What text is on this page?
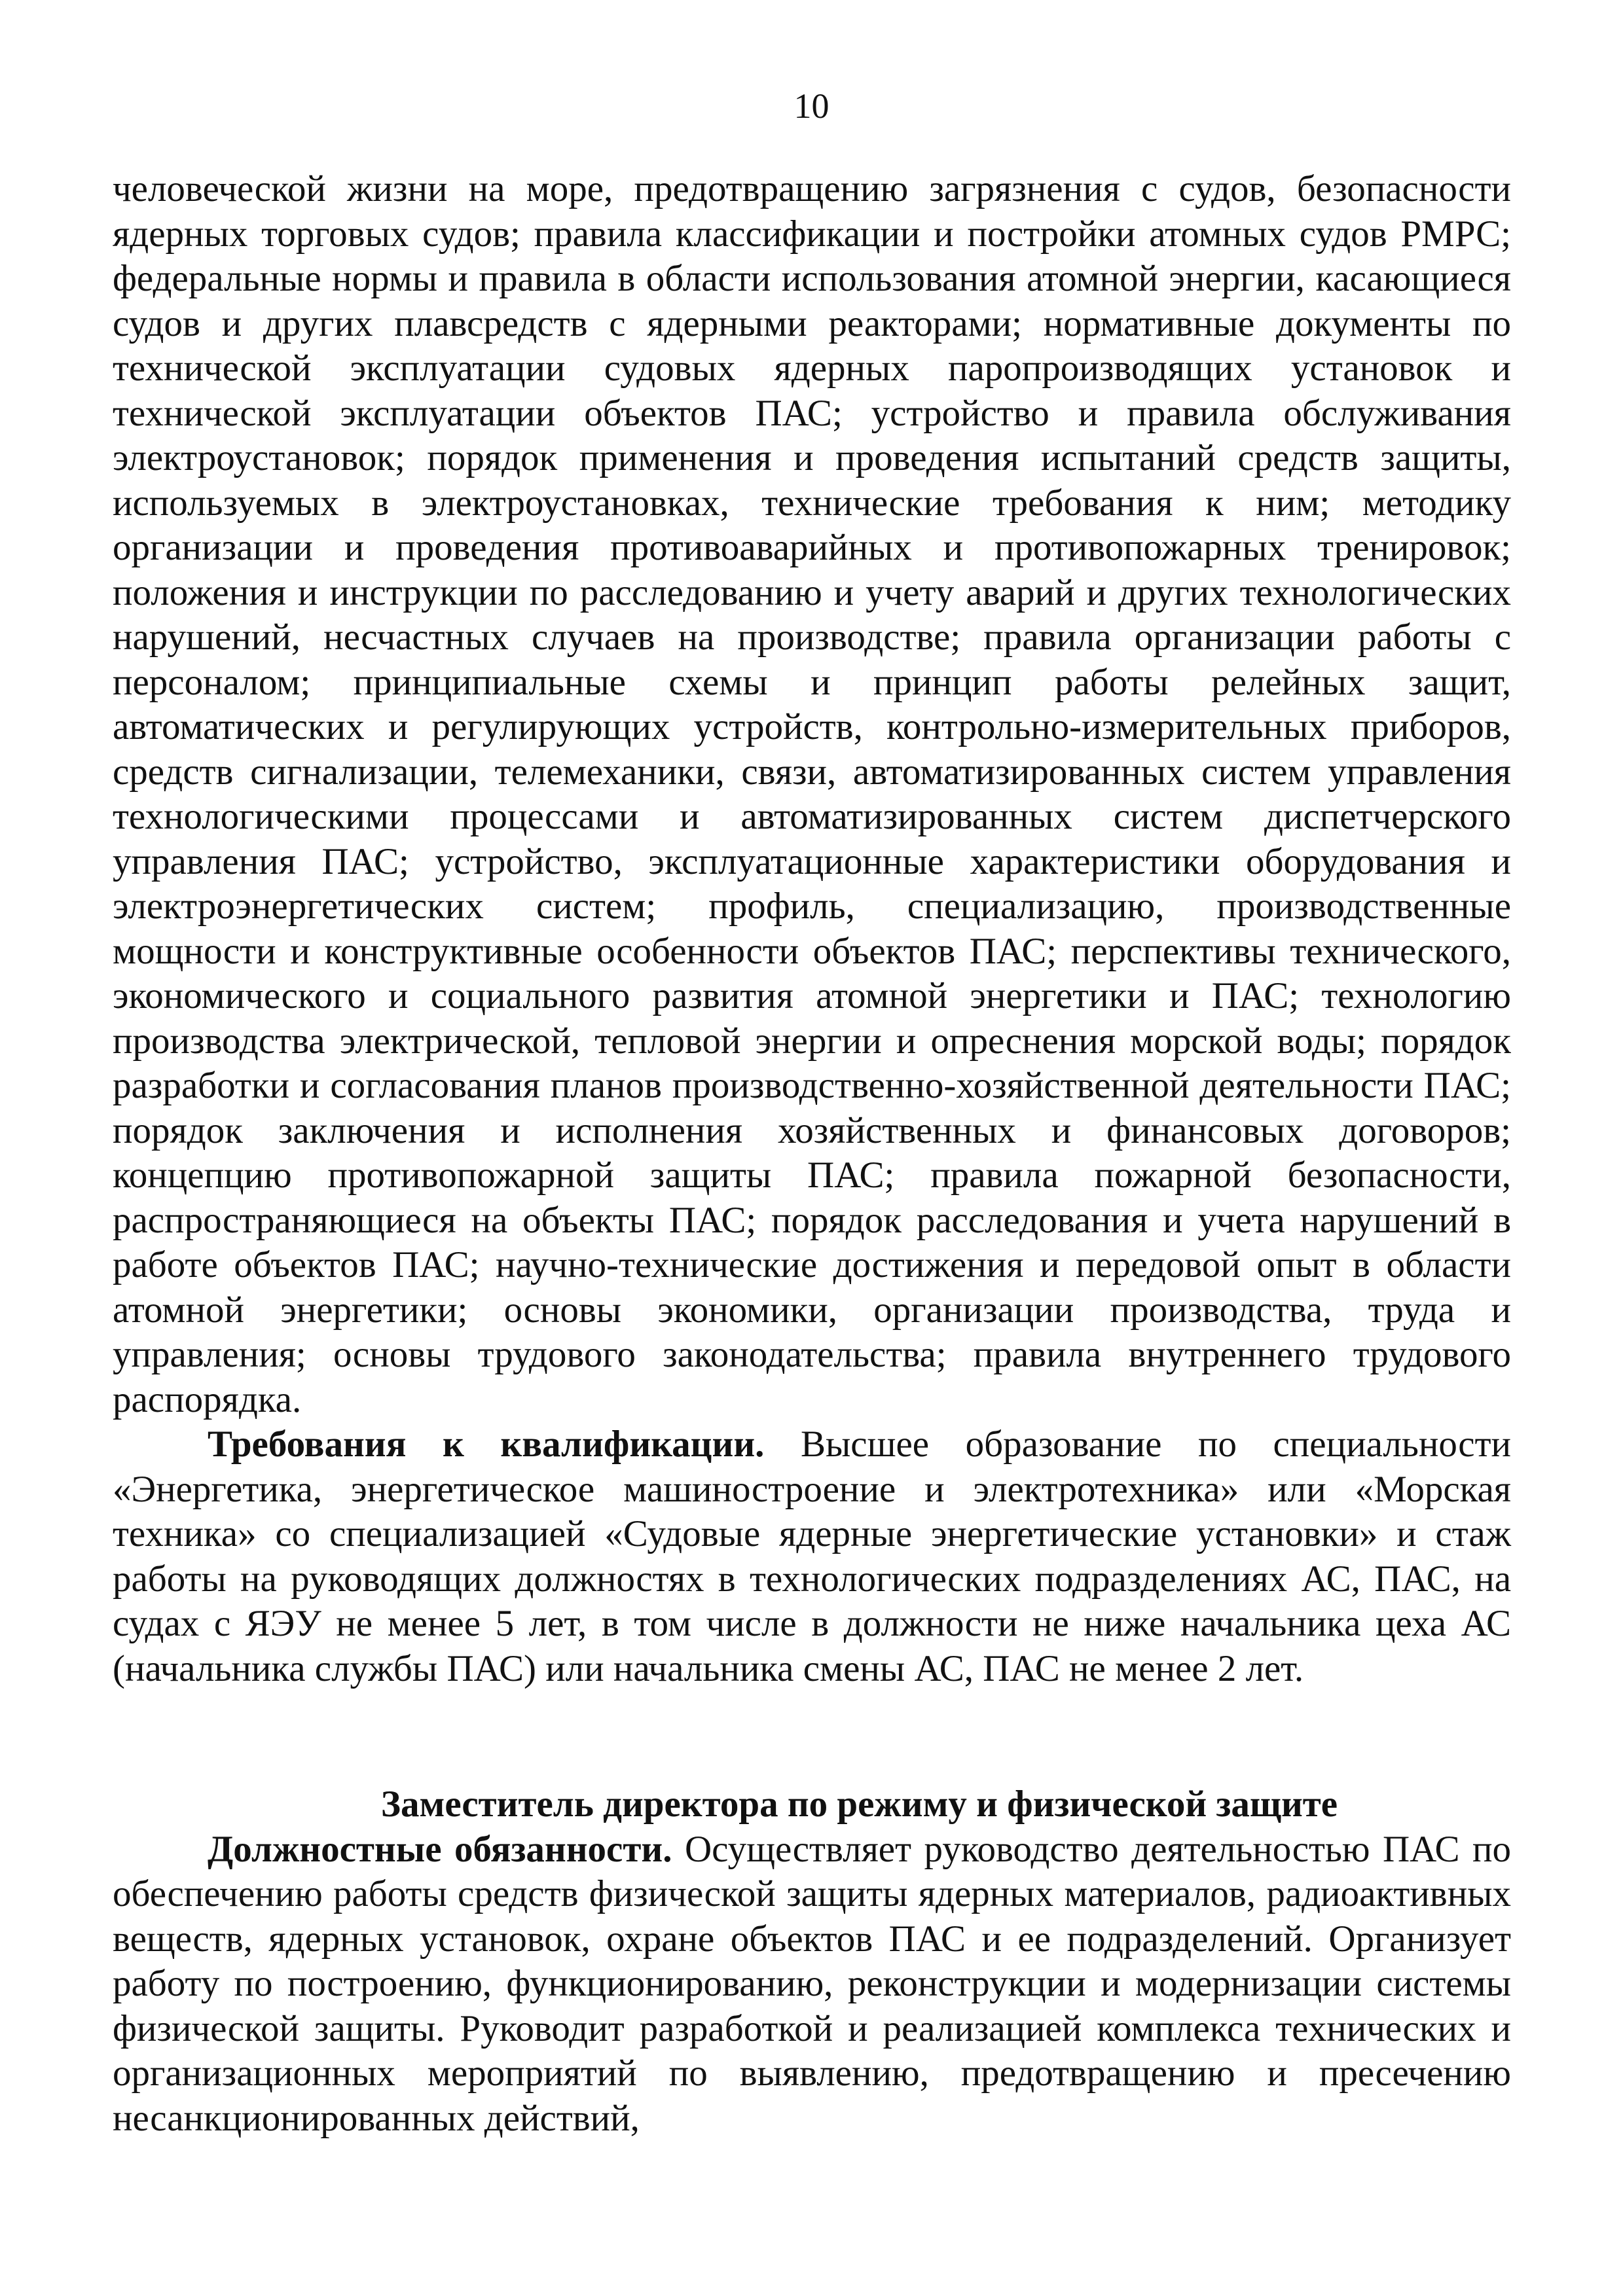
10

человеческой жизни на море, предотвращению загрязнения с судов, безопасности ядерных торговых судов; правила классификации и постройки атомных судов РМРС; федеральные нормы и правила в области использования атомной энергии, касающиеся судов и других плавсредств с ядерными реакторами; нормативные документы по технической эксплуатации судовых ядерных паропроизводящих установок и технической эксплуатации объектов ПАС; устройство и правила обслуживания электроустановок; порядок применения и проведения испытаний средств защиты, используемых в электроустановках, технические требования к ним; методику организации и проведения противоаварийных и противопожарных тренировок; положения и инструкции по расследованию и учету аварий и других технологических нарушений, несчастных случаев на производстве; правила организации работы с персоналом; принципиальные схемы и принцип работы релейных защит, автоматических и регулирующих устройств, контрольно-измерительных приборов, средств сигнализации, телемеханики, связи, автоматизированных систем управления технологическими процессами и автоматизированных систем диспетчерского управления ПАС; устройство, эксплуатационные характеристики оборудования и электроэнергетических систем; профиль, специализацию, производственные мощности и конструктивные особенности объектов ПАС; перспективы технического, экономического и социального развития атомной энергетики и ПАС; технологию производства электрической, тепловой энергии и опреснения морской воды; порядок разработки и согласования планов производственно-хозяйственной деятельности ПАС; порядок заключения и исполнения хозяйственных и финансовых договоров; концепцию противопожарной защиты ПАС; правила пожарной безопасности, распространяющиеся на объекты ПАС; порядок расследования и учета нарушений в работе объектов ПАС; научно-технические достижения и передовой опыт в области атомной энергетики; основы экономики, организации производства, труда и управления; основы трудового законодательства; правила внутреннего трудового распорядка.

Требования к квалификации. Высшее образование по специальности «Энергетика, энергетическое машиностроение и электротехника» или «Морская техника» со специализацией «Судовые ядерные энергетические установки» и стаж работы на руководящих должностях в технологических подразделениях АС, ПАС, на судах с ЯЭУ не менее 5 лет, в том числе в должности не ниже начальника цеха АС (начальника службы ПАС) или начальника смены АС, ПАС не менее 2 лет.

Заместитель директора по режиму и физической защите

Должностные обязанности. Осуществляет руководство деятельностью ПАС по обеспечению работы средств физической защиты ядерных материалов, радиоактивных веществ, ядерных установок, охране объектов ПАС и ее подразделений. Организует работу по построению, функционированию, реконструкции и модернизации системы физической защиты. Руководит разработкой и реализацией комплекса технических и организационных мероприятий по выявлению, предотвращению и пресечению несанкционированных действий,
